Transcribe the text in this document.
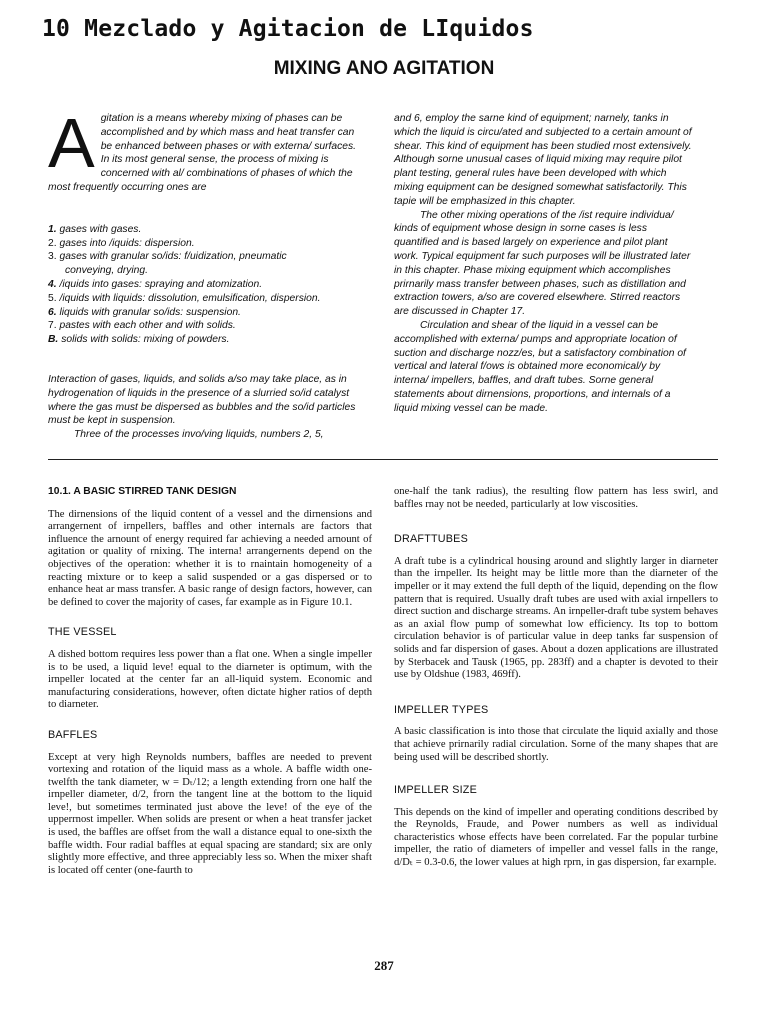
10 Mezclado y Agitacion de LIquidos
MIXING ANO AGITATION

Agitation is a means whereby mixing of phases can be accomplished and by which mass and heat transfer can be enhanced between phases or with externa/ surfaces. In its most general sense, the process of mixing is concerned with al/ combinations of phases of which the most frequently occurring ones are

1. gases with gases.
2. gases into /iquids: dispersion.
3. gases with granular so/ids: f/uidization, pneumatic
conveying, drying.
4. /iquids into gases: spraying and atomization.
5. /iquids with liquids: dissolution, emulsification, dispersion.
6. liquids with granular so/ids: suspension.
7. pastes with each other and with solids.
B. solids with solids: mixing of powders.

Interaction of gases, liquids, and solids a/so may take place, as in hydrogenation of liquids in the presence of a slurried so/id catalyst where the gas must be dispersed as bubbles and the so/id particles must be kept in suspension.

Three of the processes invo/ving liquids, numbers 2, 5,

and 6, employ the sarne kind of equipment; narnely, tanks in which the liquid is circu/ated and subjected to a certain amount of shear. This kind of equipment has been studied rnost extensively. Although sorne unusual cases of liquid mixing may require pilot plant testing, general rules have been developed with which mixing equipment can be designed somewhat satisfactorily. This tapie will be emphasized in this chapter.

The other mixing operations of the /ist require individua/ kinds of equipment whose design in sorne cases is less quantified and is based largely on experience and pilot plant work. Typical equipment far such purposes will be illustrated later in this chapter. Phase mixing equipment which accomplishes prirnarily mass transfer between phases, such as distillation and extraction towers, a/so are covered elsewhere. Stirred reactors are discussed in Chapter 17.

Circulation and shear of the liquid in a vessel can be accomplished with externa/ pumps and appropriate location of suction and discharge nozz/es, but a satisfactory combination of vertical and lateral f/ows is obtained more economical/y by interna/ impellers, baffles, and draft tubes. Sorne general statements about dirnensions, proportions, and internals of a liquid mixing vessel can be made.

10.1. A BASIC STIRRED TANK DESIGN

The dirnensions of the liquid content of a vessel and the dirnensions and arrangernent of irnpellers, baffles and other internals are factors that influence the arnount of energy required far achieving a needed arnount of agitation or quality of rnixing. The interna! arrangernents depend on the objectives of the operation: whether it is to rnaintain homogeneity of a reacting mixture or to keep a salid suspended or a gas dispersed or to enhance heat ar mass transfer. A basic range of design factors, however, can be defined to cover the majority of cases, far example as in Figure 10.1.

THE VESSEL

A dished bottom requires less power than a flat one. When a single impeller is to be used, a liquid leve! equal to the diarneter is optimum, with the irnpeller located at the center far an all-liquid system. Economic and manufacturing considerations, however, often dictate higher ratios of depth to diarneter.

BAFFLES

Except at very high Reynolds numbers, baffles are needed to prevent vortexing and rotation of the liquid mass as a whole. A baffle width one-twelfth the tank diameter, w = Dₜ/12; a length extending frorn one half the irnpeller diameter, d/2, frorn the tangent line at the bottom to the liquid leve!, but sometimes terminated just above the leve! of the eye of the upperrnost impeller. When solids are present or when a heat transfer jacket is used, the baffles are offset from the wall a distance equal to one-sixth the baffle width. Four radial baffles at equal spacing are standard; six are only slightly more effective, and three appreciably less so. When the mixer shaft is located off center (one-faurth to

one-half the tank radius), the resulting flow pattern has less swirl, and baffles rnay not be needed, particularly at low viscosities.

DRAFTTUBES

A draft tube is a cylindrical housing around and slightly larger in diarneter than the irnpeller. Its height may be little more than the diarneter of the impeller or it may extend the full depth of the liquid, depending on the flow pattern that is required. Usually draft tubes are used with axial irnpellers to direct suction and discharge streams. An irnpeller-draft tube system behaves as an axial flow pump of somewhat low efficiency. Its top to bottom circulation behavior is of particular value in deep tanks far suspension of solids and far dispersion of gases. About a dozen applications are illustrated by Sterbacek and Tausk (1965, pp. 283ff) and a chapter is devoted to their use by Oldshue (1983, 469ff).

IMPELLER TYPES

A basic classification is into those that circulate the liquid axially and those that achieve prirnarily radial circulation. Sorne of the many shapes that are being used will be described shortly.

IMPELLER SIZE

This depends on the kind of impeller and operating conditions described by the Reynolds, Fraude, and Power numbers as well as individual characteristics whose effects have been correlated. Far the popular turbine impeller, the ratio of diameters of impeller and vessel falls in the range, d/Dₜ = 0.3-0.6, the lower values at high rprn, in gas dispersion, far exarnple.

287
